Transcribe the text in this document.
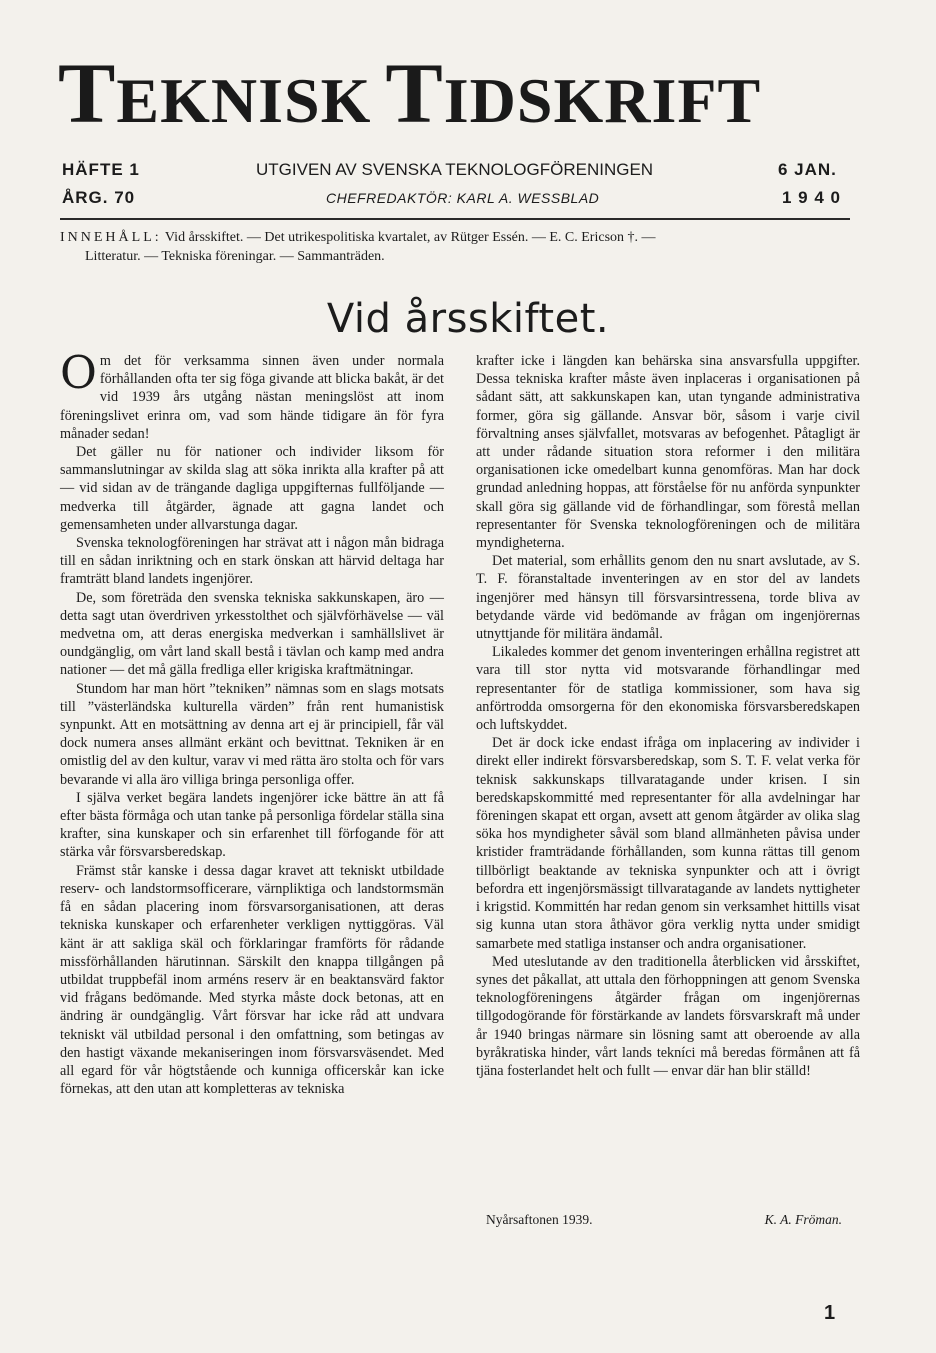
TEKNISK TIDSKRIFT
HÄFTE 1
ÅRG. 70
UTGIVEN AV SVENSKA TEKNOLOGFÖRENINGEN
CHEFREDAKTÖR: KARL A. WESSBLAD
6 JAN.
1 9 4 0
INNEHÅLL: Vid årsskiftet. — Det utrikespolitiska kvartalet, av Rütger Essén. — E. C. Ericson †. —
Litteratur. — Tekniska föreningar. — Sammanträden.
Vid årsskiftet.

Om det för verksamma sinnen även under normala förhållanden ofta ter sig föga givande att blicka bakåt, är det vid 1939 års utgång nästan meningslöst att inom föreningslivet erinra om, vad som hände tidigare än för fyra månader sedan!

Det gäller nu för nationer och individer liksom för sammanslutningar av skilda slag att söka inrikta alla krafter på att — vid sidan av de trängande dagliga uppgifternas fullföljande — medverka till åtgärder, ägnade att gagna landet och gemensamheten under allvarstunga dagar.

Svenska teknologföreningen har strävat att i någon mån bidraga till en sådan inriktning och en stark önskan att härvid deltaga har framträtt bland landets ingenjörer.

De, som företräda den svenska tekniska sakkunskapen, äro — detta sagt utan överdriven yrkesstolthet och självförhävelse — väl medvetna om, att deras energiska medverkan i samhällslivet är oundgänglig, om vårt land skall bestå i tävlan och kamp med andra nationer — det må gälla fredliga eller krigiska kraftmätningar.

Stundom har man hört ”tekniken” nämnas som en slags motsats till ”västerländska kulturella värden” från rent humanistisk synpunkt. Att en motsättning av denna art ej är principiell, får väl dock numera anses allmänt erkänt och bevittnat. Tekniken är en omistlig del av den kultur, varav vi med rätta äro stolta och för vars bevarande vi alla äro villiga bringa personliga offer.

I själva verket begära landets ingenjörer icke bättre än att få efter bästa förmåga och utan tanke på personliga fördelar ställa sina krafter, sina kunskaper och sin erfarenhet till förfogande för att stärka vår försvarsberedskap.

Främst står kanske i dessa dagar kravet att tekniskt utbildade reserv- och landstormsofficerare, värnpliktiga och landstormsmän få en sådan placering inom försvarsorganisationen, att deras tekniska kunskaper och erfarenheter verkligen nyttiggöras. Väl känt är att sakliga skäl och förklaringar framförts för rådande missförhållanden härutinnan. Särskilt den knappa tillgången på utbildat truppbefäl inom arméns reserv är en beaktansvärd faktor vid frågans bedömande. Med styrka måste dock betonas, att en ändring är oundgänglig. Vårt försvar har icke råd att undvara tekniskt väl utbildad personal i den omfattning, som betingas av den hastigt växande mekaniseringen inom försvarsväsendet. Med all egard för vår högtstående och kunniga officerskår kan icke förnekas, att den utan att kompletteras av tekniska

krafter icke i längden kan behärska sina ansvarsfulla uppgifter. Dessa tekniska krafter måste även inplaceras i organisationen på sådant sätt, att sakkunskapen kan, utan tyngande administrativa former, göra sig gällande. Ansvar bör, såsom i varje civil förvaltning anses självfallet, motsvaras av befogenhet. Påtagligt är att under rådande situation stora reformer i den militära organisationen icke omedelbart kunna genomföras. Man har dock grundad anledning hoppas, att förståelse för nu anförda synpunkter skall göra sig gällande vid de förhandlingar, som förestå mellan representanter för Svenska teknologföreningen och de militära myndigheterna.

Det material, som erhållits genom den nu snart avslutade, av S. T. F. föranstaltade inventeringen av en stor del av landets ingenjörer med hänsyn till försvarsintressena, torde bliva av betydande värde vid bedömande av frågan om ingenjörernas utnyttjande för militära ändamål.

Likaledes kommer det genom inventeringen erhållna registret att vara till stor nytta vid motsvarande förhandlingar med representanter för de statliga kommissioner, som hava sig anförtrodda omsorgerna för den ekonomiska försvarsberedskapen och luftskyddet.

Det är dock icke endast ifråga om inplacering av individer i direkt eller indirekt försvarsberedskap, som S. T. F. velat verka för teknisk sakkunskaps tillvaratagande under krisen. I sin beredskapskommitté med representanter för alla avdelningar har föreningen skapat ett organ, avsett att genom åtgärder av olika slag söka hos myndigheter såväl som bland allmänheten påvisa under kristider framträdande förhållanden, som kunna rättas till genom tillbörligt beaktande av tekniska synpunkter och att i övrigt befordra ett ingenjörsmässigt tillvaratagande av landets nyttigheter i krigstid. Kommittén har redan genom sin verksamhet hittills visat sig kunna utan stora åthävor göra verklig nytta under smidigt samarbete med statliga instanser och andra organisationer.

Med uteslutande av den traditionella återblicken vid årsskiftet, synes det påkallat, att uttala den förhoppningen att genom Svenska teknologföreningens åtgärder frågan om ingenjörernas tillgodogörande för förstärkande av landets försvarskraft må under år 1940 bringas närmare sin lösning samt att oberoende av alla byråkratiska hinder, vårt lands tekníci må beredas förmånen att få tjäna fosterlandet helt och fullt — envar där han blir ställd!

Nyårsaftonen 1939.	K. A. Fröman.
1
